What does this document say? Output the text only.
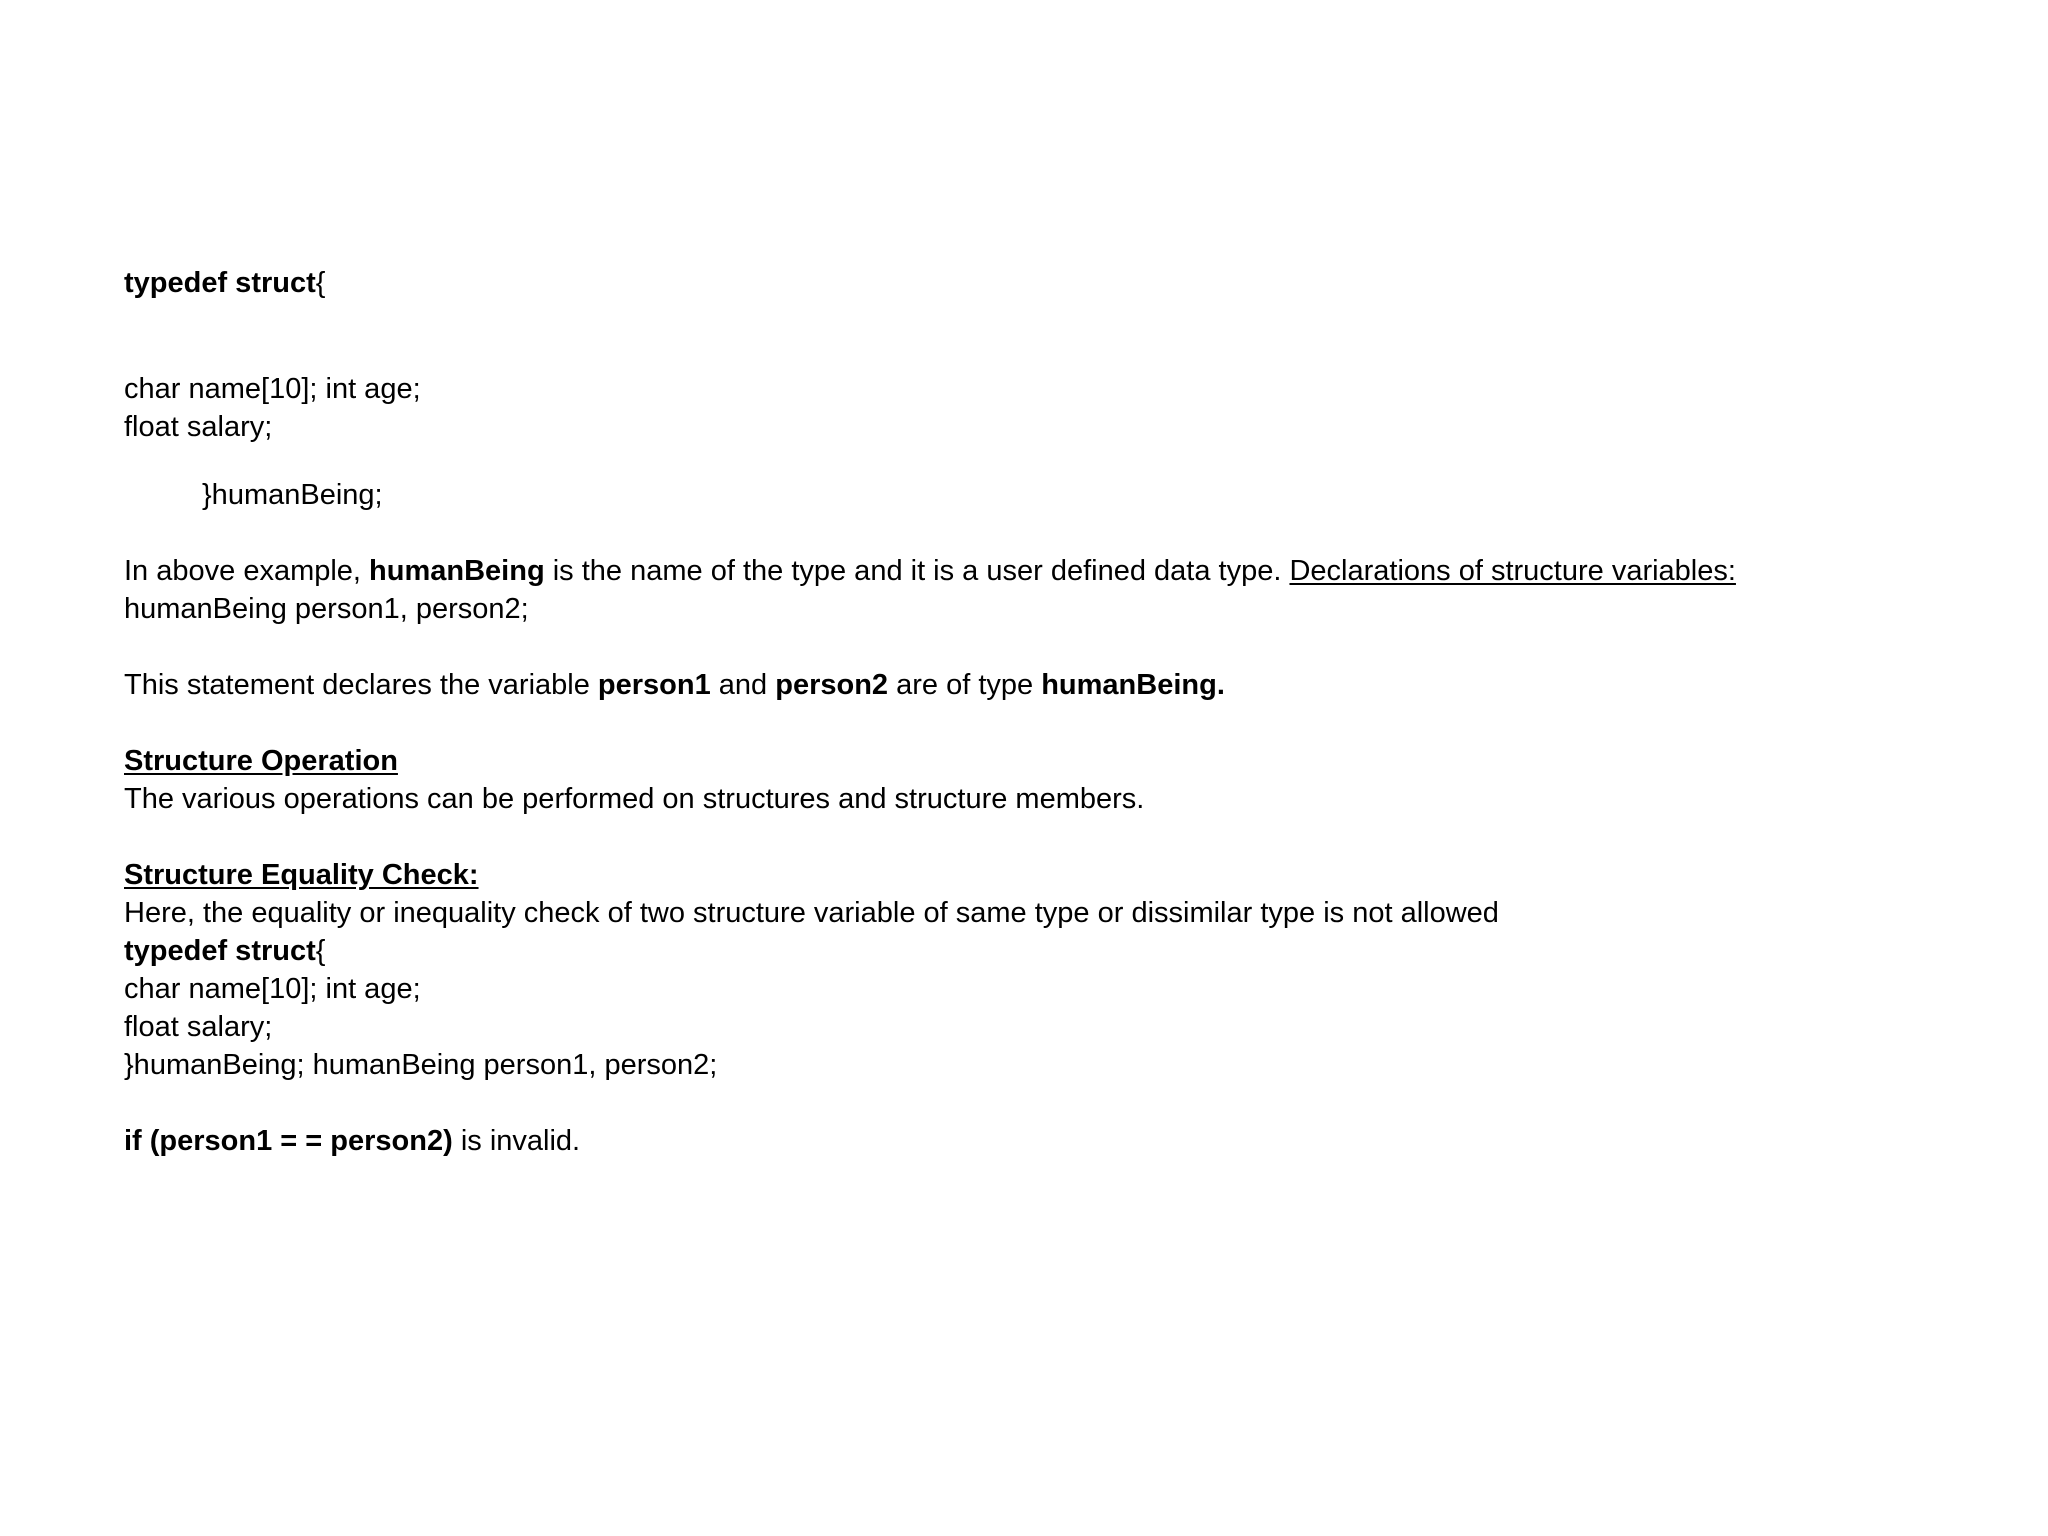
typedef struct{
char name[10]; int age;
float salary;
}humanBeing;
In above example, humanBeing is the name of the type and it is a user defined data type. Declarations of structure variables:
humanBeing person1, person2;
This statement declares the variable person1 and person2 are of type humanBeing.
Structure Operation
The various operations can be performed on structures and structure members.
Structure Equality Check:
Here, the equality or inequality check of two structure variable of same type or dissimilar type is not allowed
typedef struct{
char name[10]; int age;
float salary;
}humanBeing; humanBeing person1, person2;
if (person1 = = person2) is invalid.
